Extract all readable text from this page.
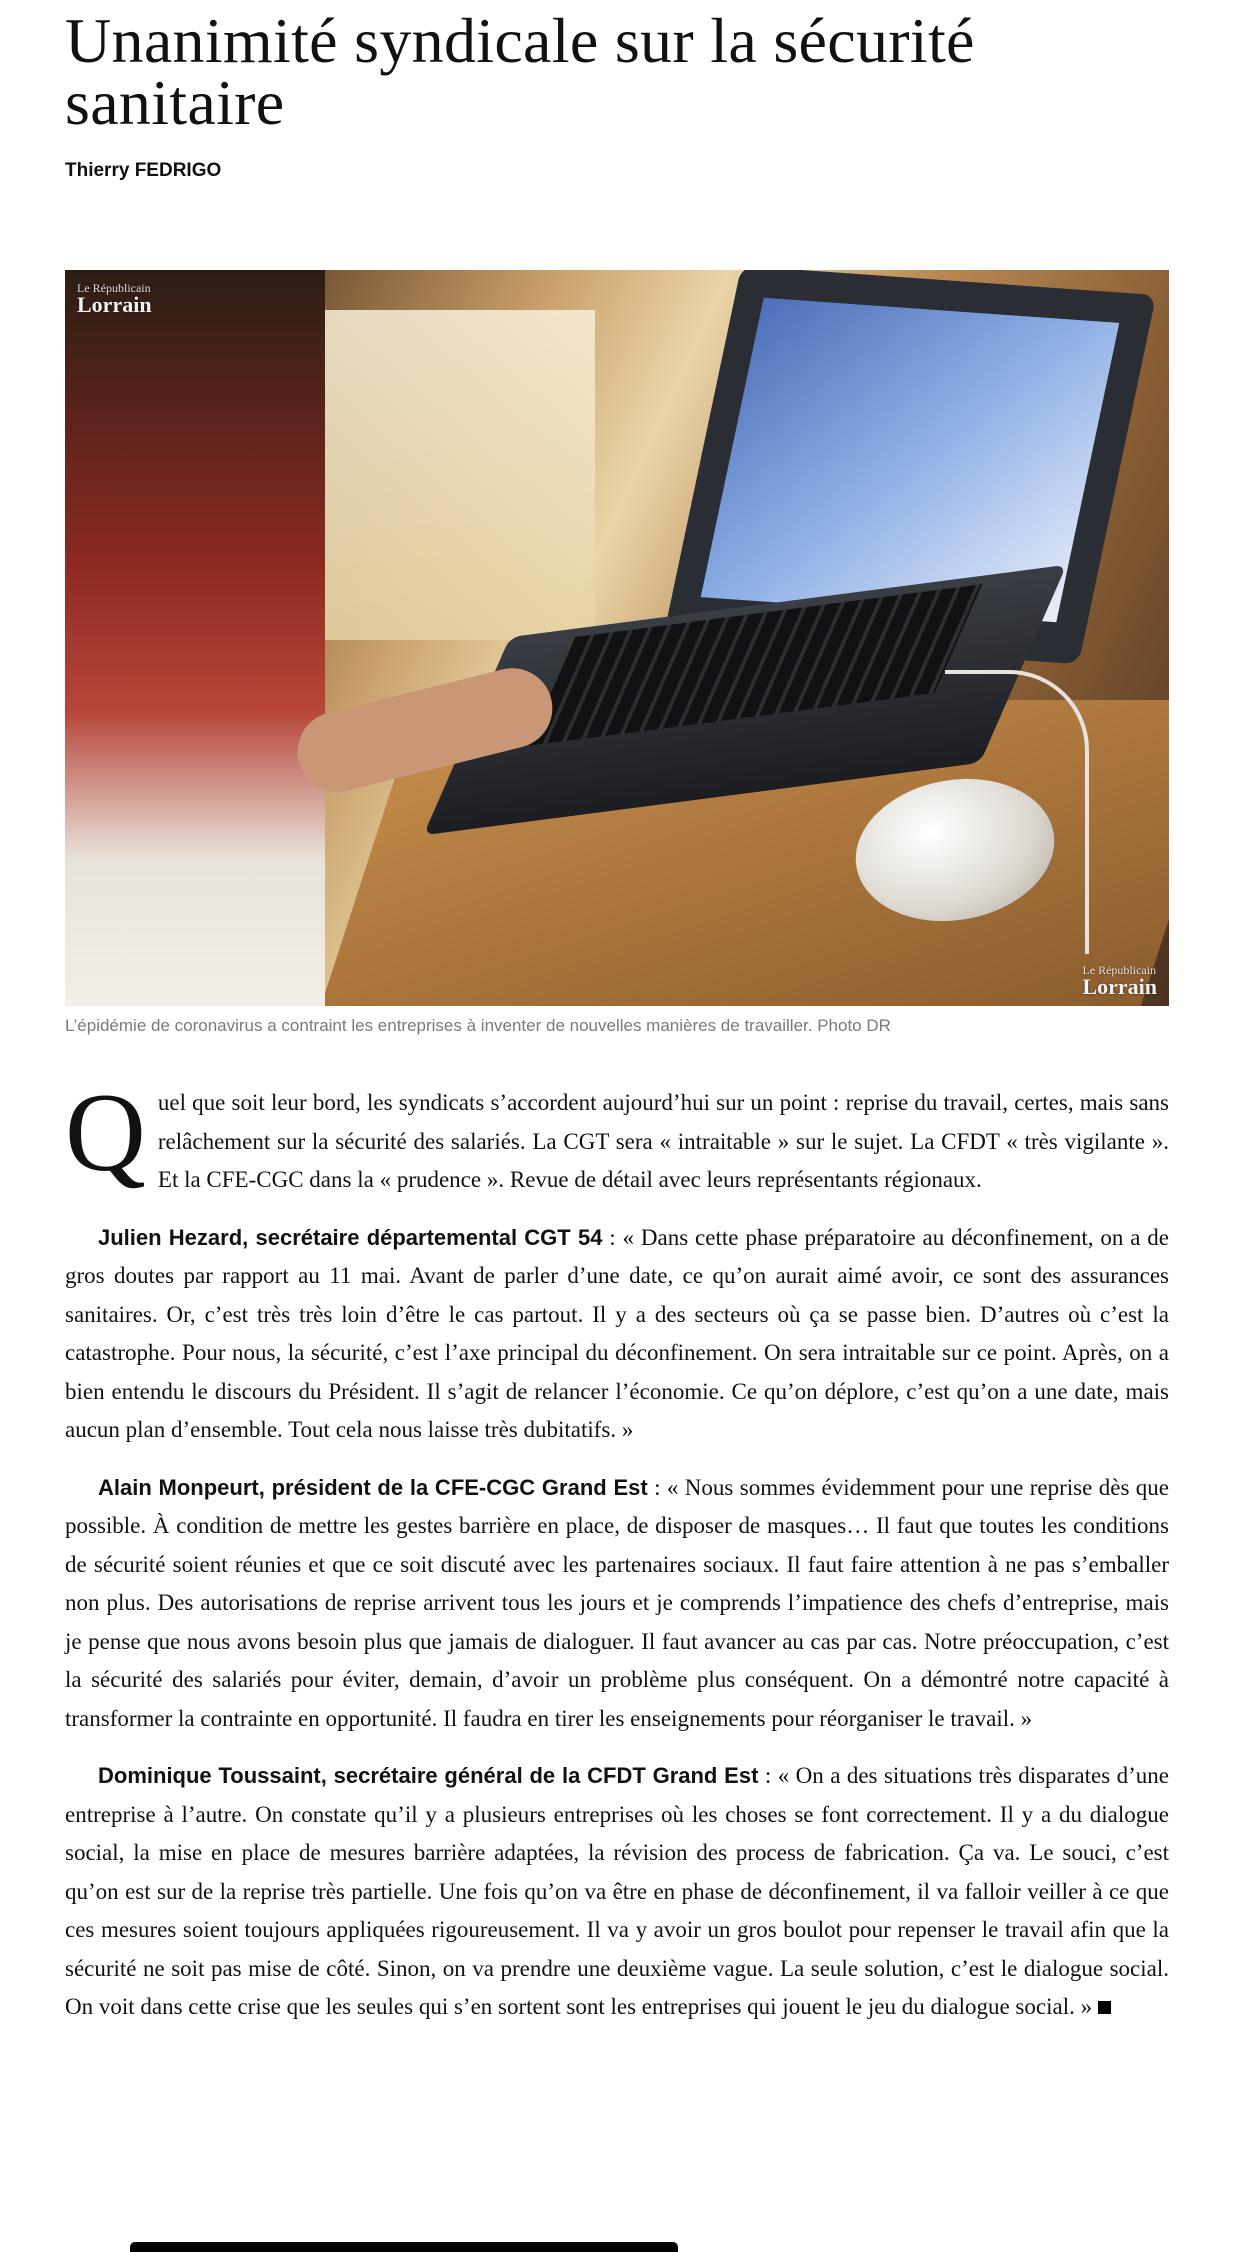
Unanimité syndicale sur la sécurité sanitaire
Thierry FEDRIGO
Le Républicain
Lorrain
Le Républicain
Lorrain
L’épidémie de coronavirus a contraint les entreprises à inventer de nouvelles manières de travailler. Photo DR

Quel que soit leur bord, les syndicats s’accordent aujourd’hui sur un point : reprise du travail, certes, mais sans relâchement sur la sécurité des salariés. La CGT sera « intraitable » sur le sujet. La CFDT « très vigilante ». Et la CFE-CGC dans la « prudence ». Revue de détail avec leurs représentants régionaux.

Julien Hezard, secrétaire départemental CGT 54 : « Dans cette phase préparatoire au déconfinement, on a de gros doutes par rapport au 11 mai. Avant de parler d’une date, ce qu’on aurait aimé avoir, ce sont des assurances sanitaires. Or, c’est très très loin d’être le cas partout. Il y a des secteurs où ça se passe bien. D’autres où c’est la catastrophe. Pour nous, la sécurité, c’est l’axe principal du déconfinement. On sera intraitable sur ce point. Après, on a bien entendu le discours du Président. Il s’agit de relancer l’économie. Ce qu’on déplore, c’est qu’on a une date, mais aucun plan d’ensemble. Tout cela nous laisse très dubitatifs. »

Alain Monpeurt, président de la CFE-CGC Grand Est : « Nous sommes évidemment pour une reprise dès que possible. À condition de mettre les gestes barrière en place, de disposer de masques… Il faut que toutes les conditions de sécurité soient réunies et que ce soit discuté avec les partenaires sociaux. Il faut faire attention à ne pas s’emballer non plus. Des autorisations de reprise arrivent tous les jours et je comprends l’impatience des chefs d’entreprise, mais je pense que nous avons besoin plus que jamais de dialoguer. Il faut avancer au cas par cas. Notre préoccupation, c’est la sécurité des salariés pour éviter, demain, d’avoir un problème plus conséquent. On a démontré notre capacité à transformer la contrainte en opportunité. Il faudra en tirer les enseignements pour réorganiser le travail. »

Dominique Toussaint, secrétaire général de la CFDT Grand Est : « On a des situations très disparates d’une entreprise à l’autre. On constate qu’il y a plusieurs entreprises où les choses se font correctement. Il y a du dialogue social, la mise en place de mesures barrière adaptées, la révision des process de fabrication. Ça va. Le souci, c’est qu’on est sur de la reprise très partielle. Une fois qu’on va être en phase de déconfinement, il va falloir veiller à ce que ces mesures soient toujours appliquées rigoureusement. Il va y avoir un gros boulot pour repenser le travail afin que la sécurité ne soit pas mise de côté. Sinon, on va prendre une deuxième vague. La seule solution, c’est le dialogue social. On voit dans cette crise que les seules qui s’en sortent sont les entreprises qui jouent le jeu du dialogue social. »
